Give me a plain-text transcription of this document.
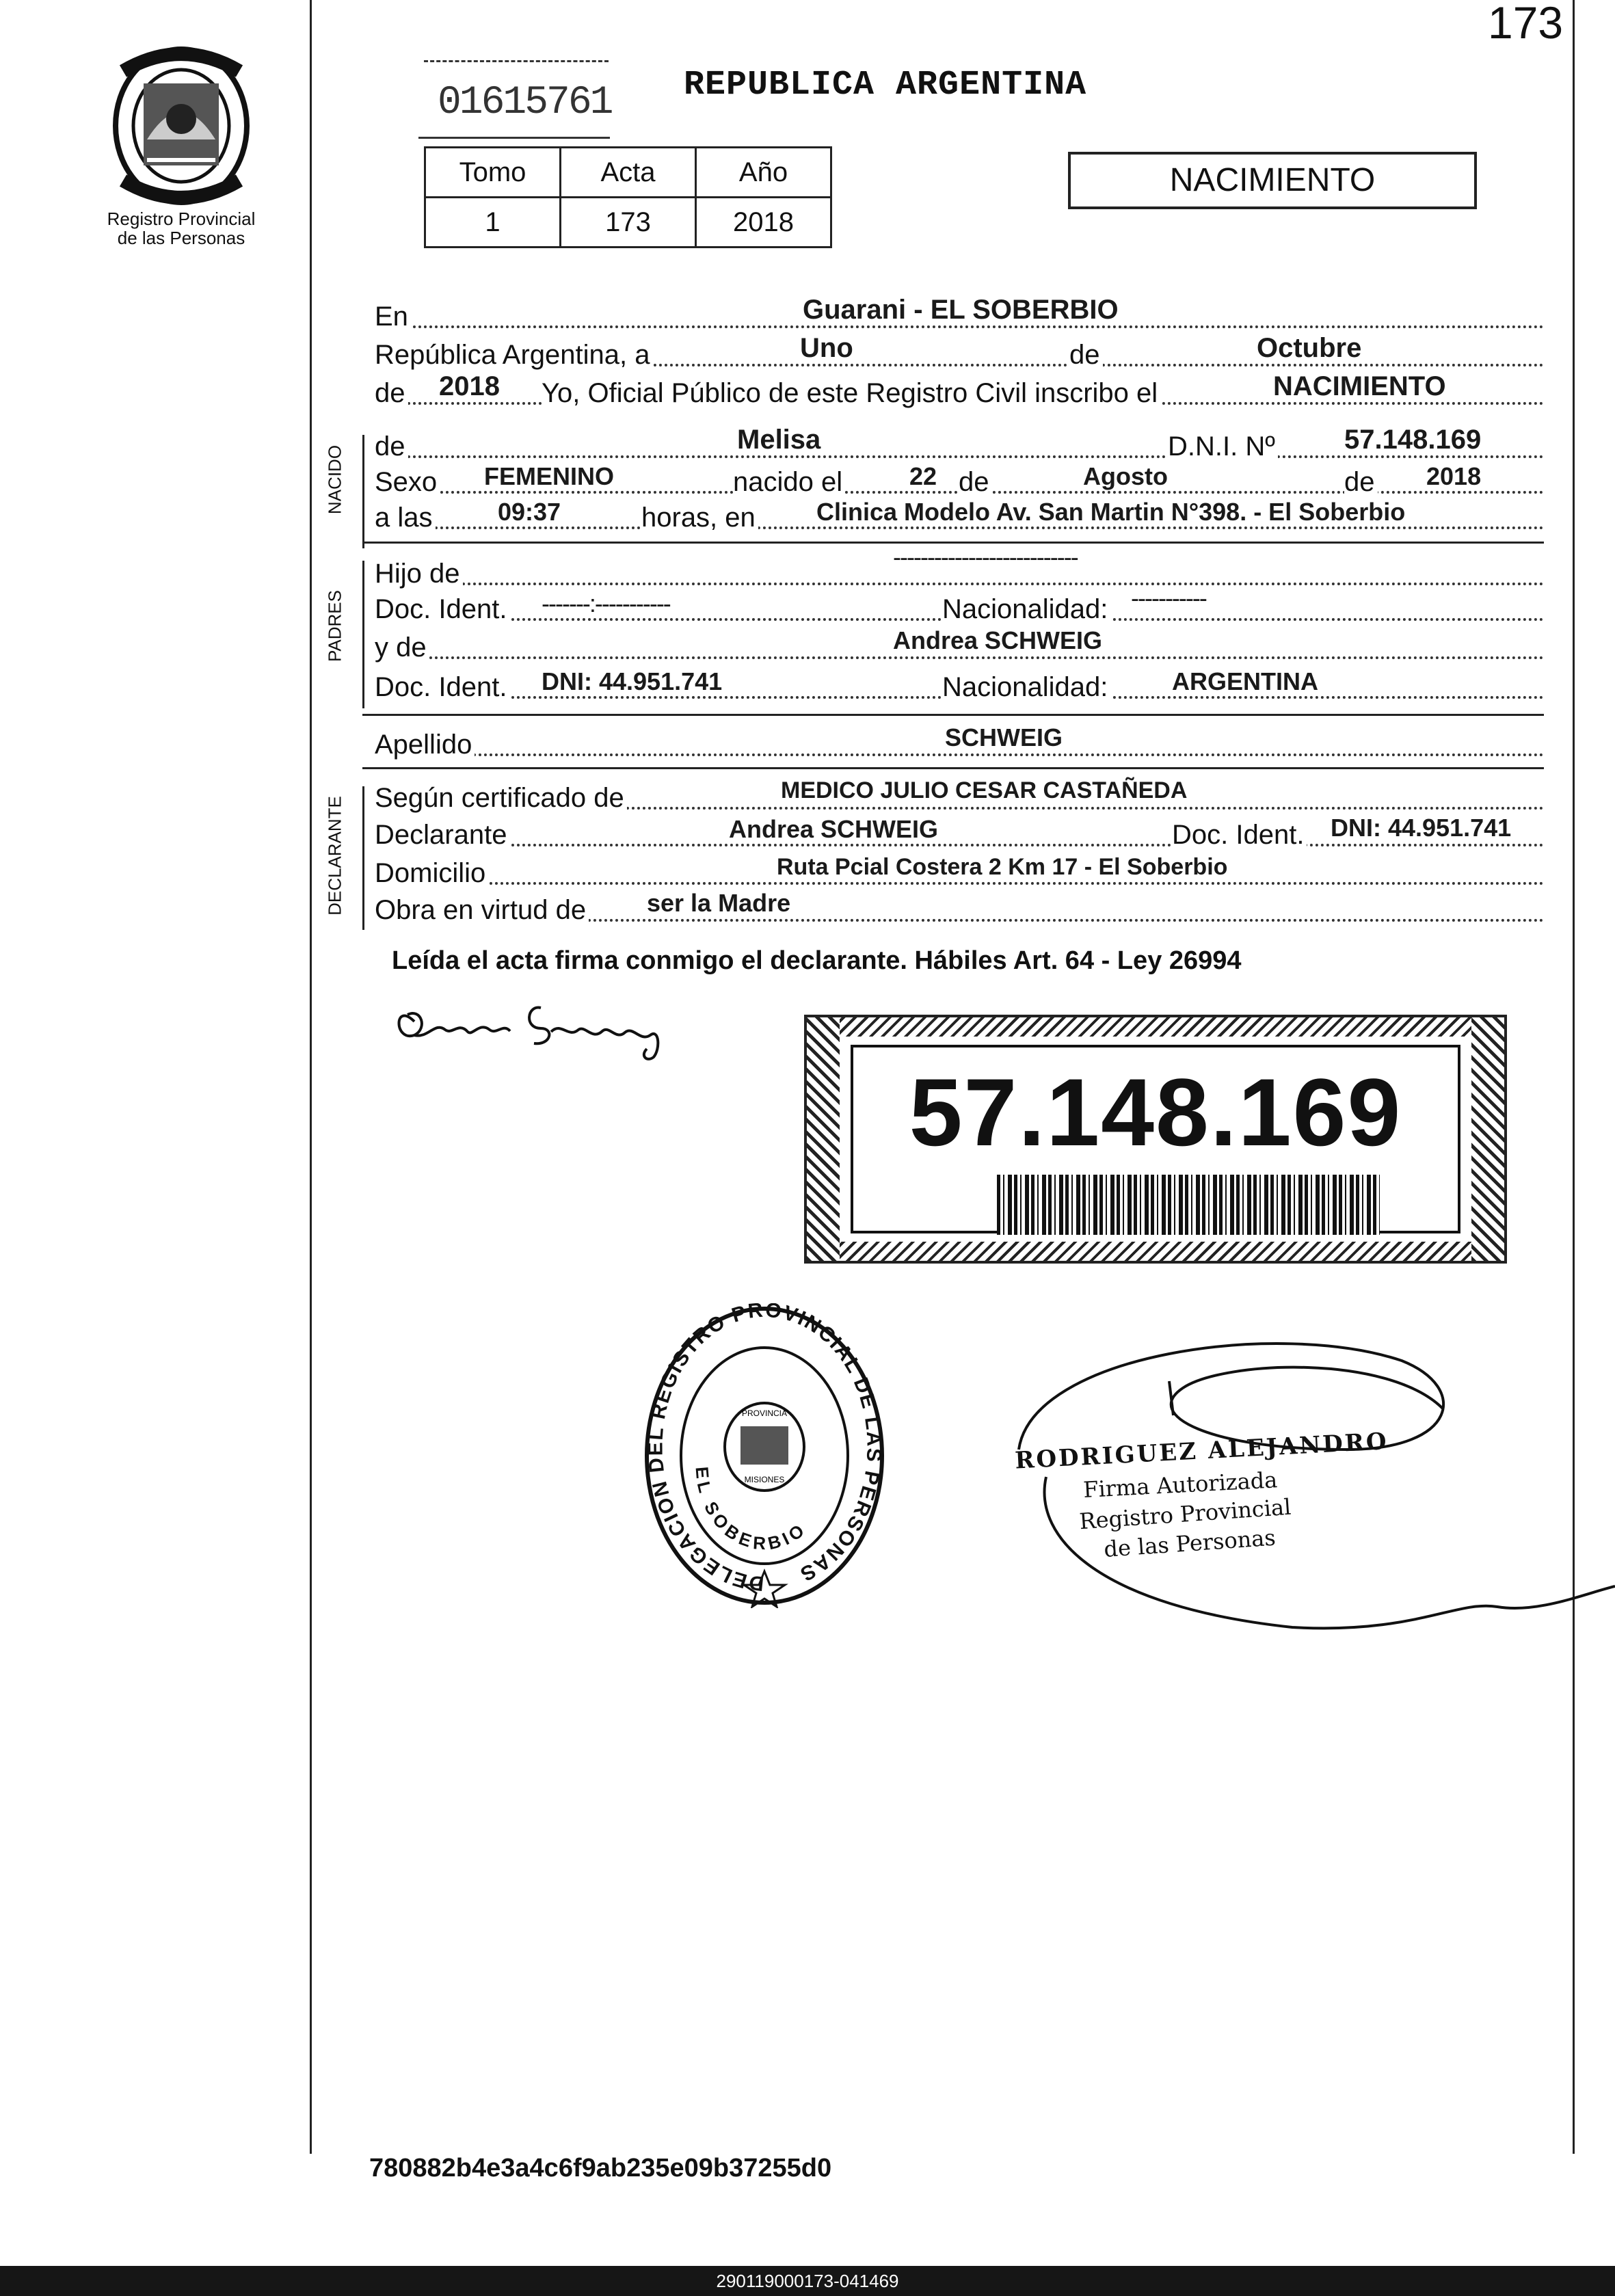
173
Registro Provincial
de las Personas
01615761 REPUBLICA ARGENTINA
Tomo	Acta	Año
1	173	2018
NACIMIENTO
En	Guarani - EL SOBERBIO
República Argentina, a	Uno	de	Octubre
de 2018 Yo, Oficial Público de este Registro Civil inscribo el	NACIMIENTO
NACIDO de	Melisa	D.N.I. Nº	57.148.169
Sexo FEMENINO	nacido el	22 de	Agosto	de 2018
a las	09:37	horas, en Clinica Modelo Av. San Martin N°398. - El Soberbio
PADRES
Hijo de
---------------------------
Doc. Ident. -------:-----------	Nacionalidad: -----------
y de	Andrea SCHWEIG
Doc. Ident. DNI: 44.951.741	Nacionalidad:	ARGENTINA
Apellido	SCHWEIG
DECLARANTE Según certificado de	MEDICO JULIO CESAR CASTAÑEDA
Declarante	Andrea SCHWEIG	Doc. Ident. DNI: 44.951.741
Domicilio	Ruta Pcial Costera 2 Km 17 - El Soberbio
Obra en virtud de ser la Madre
Leída el acta firma conmigo el declarante. Hábiles Art. 64 - Ley 26994
57.148.169
DELEGACION DEL REGISTRO PROVINCIAL DE LAS PERSONAS
EL SOBERBIO
PROVINCIA
MISIONES
RODRIGUEZ ALEJANDRO
Firma Autorizada
Registro Provincial
de las Personas
780882b4e3a4c6f9ab235e09b37255d0
290119000173-041469
